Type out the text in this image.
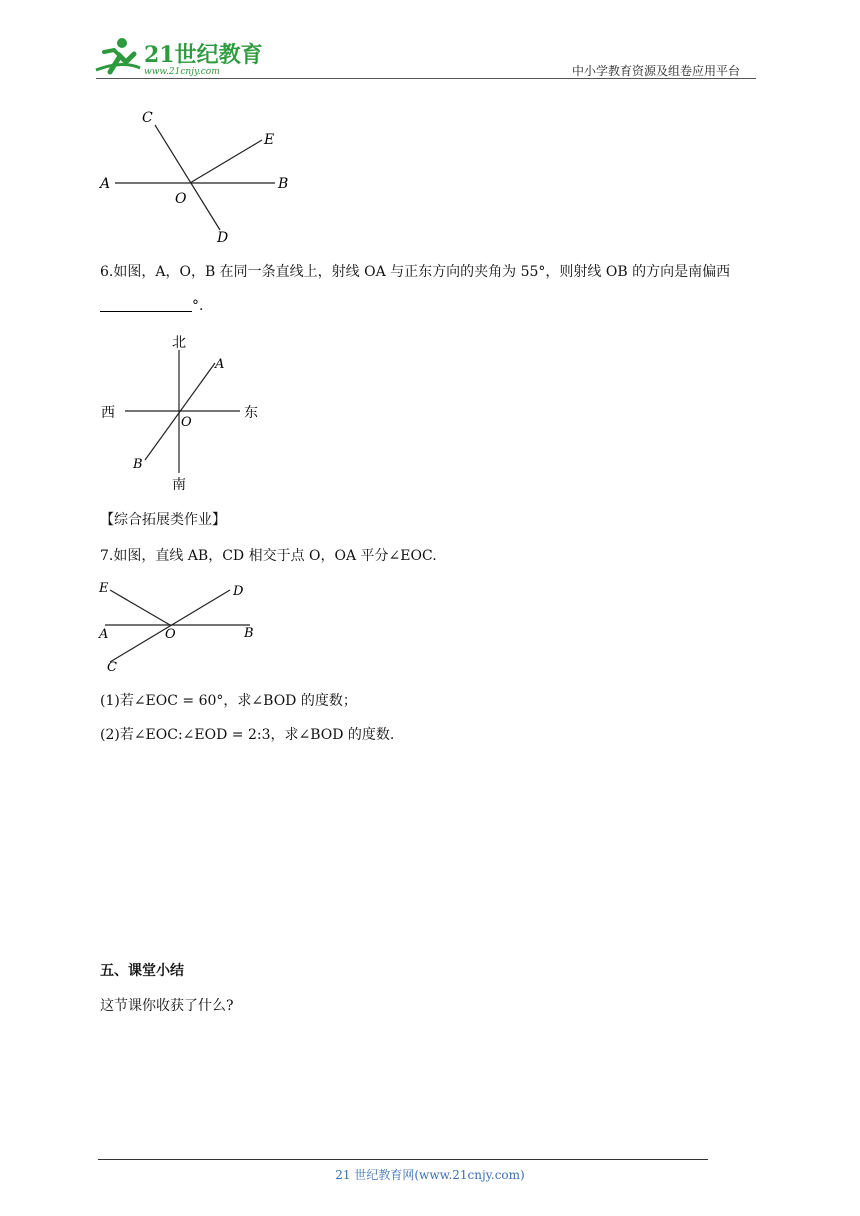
21世纪教育
www.21cnjy.com	中小学教育资源及组卷应用平台
A	B
C
D
E
O
6.如图，A，O，B 在同一条直线上，射线 OA 与正东方向的夹角为 55°，则射线 OB 的方向是南偏西
°.
北
南
东
西
A
B
O
【综合拓展类作业】
7.如图，直线 AB，CD 相交于点 O，OA 平分∠EOC.
A	B
C
D
E
O
(1)若∠EOC = 60°，求∠BOD 的度数；
(2)若∠EOC:∠EOD = 2:3，求∠BOD 的度数.
五、课堂小结
这节课你收获了什么?
21 世纪教育网(www.21cnjy.com)
